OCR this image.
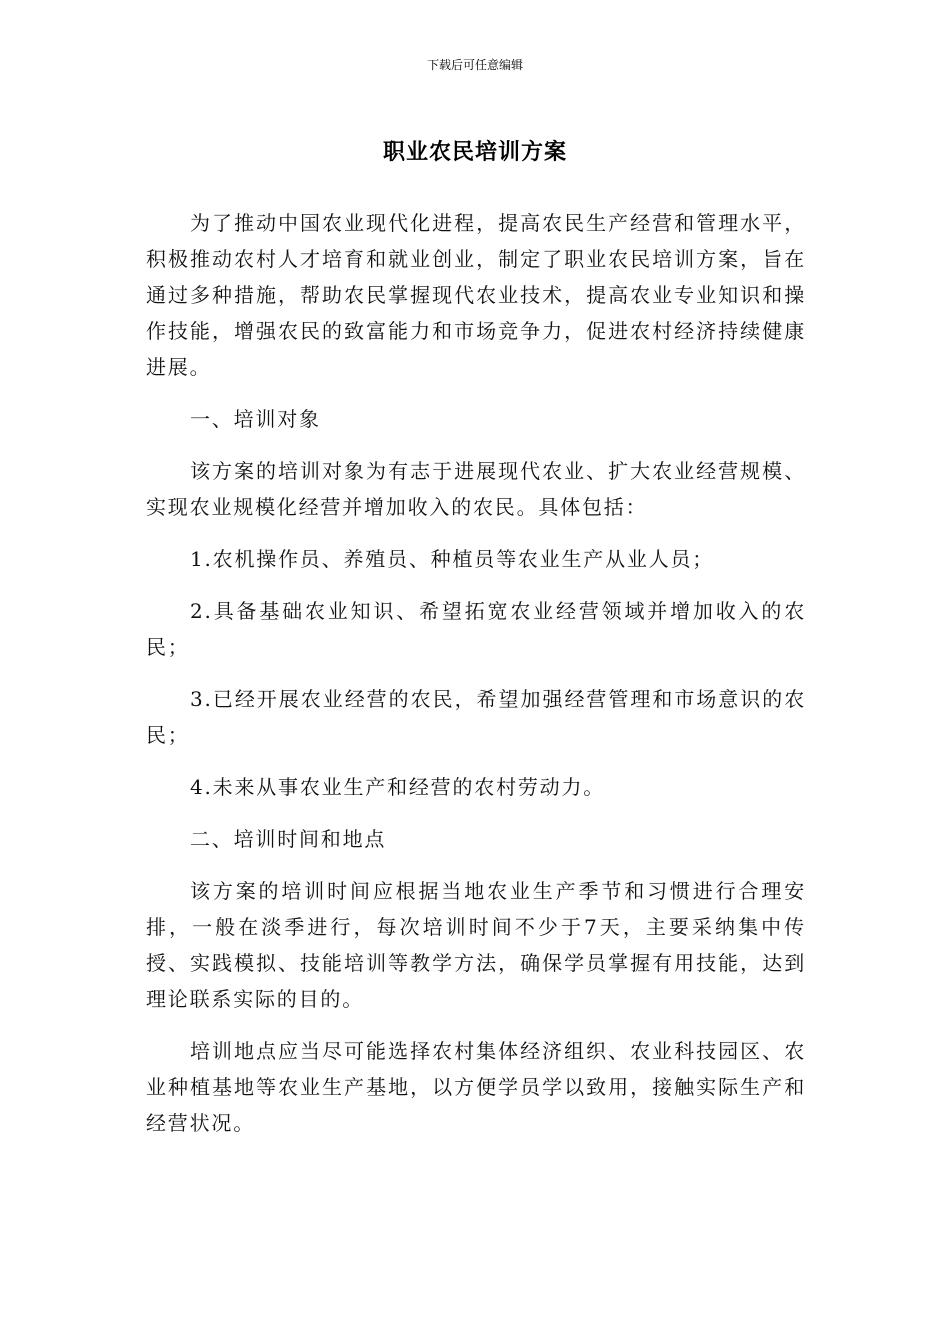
下载后可任意编辑
职业农民培训方案

为了推动中国农业现代化进程，提高农民生产经营和管理水平，积极推动农村人才培育和就业创业，制定了职业农民培训方案，旨在通过多种措施，帮助农民掌握现代农业技术，提高农业专业知识和操作技能，增强农民的致富能力和市场竞争力，促进农村经济持续健康进展。

一、培训对象

该方案的培训对象为有志于进展现代农业、扩大农业经营规模、实现农业规模化经营并增加收入的农民。具体包括：

1.农机操作员、养殖员、种植员等农业生产从业人员；

2.具备基础农业知识、希望拓宽农业经营领域并增加收入的农民；

3.已经开展农业经营的农民，希望加强经营管理和市场意识的农民；

4.未来从事农业生产和经营的农村劳动力。

二、培训时间和地点

该方案的培训时间应根据当地农业生产季节和习惯进行合理安排，一般在淡季进行，每次培训时间不少于7天，主要采纳集中传授、实践模拟、技能培训等教学方法，确保学员掌握有用技能，达到理论联系实际的目的。

培训地点应当尽可能选择农村集体经济组织、农业科技园区、农业种植基地等农业生产基地，以方便学员学以致用，接触实际生产和经营状况。
